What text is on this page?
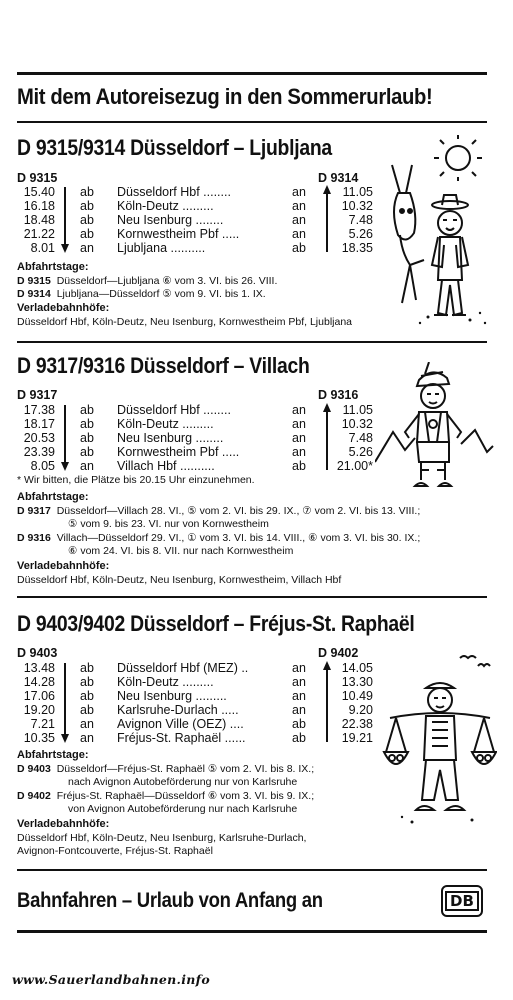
Mit dem Autoreisezug in den Sommerurlaub!
D 9315/9314 Düsseldorf – Ljubljana
D 9315	D 9314
15.40 ab Düsseldorf Hbf ........	an	11.05
16.18 ab Köln-Deutz .........	an	10.32
18.48 ab Neu Isenburg ........	an	7.48
21.22 ab Kornwestheim Pbf .....	an	5.26
8.01 an Ljubljana ..........	ab	18.35
Abfahrtstage:
D 9315 Düsseldorf—Ljubljana ⑥ vom 3. VI. bis 26. VIII.
D 9314 Ljubljana—Düsseldorf ⑤ vom 9. VI. bis 1. IX.
Verladebahnhöfe:
Düsseldorf Hbf, Köln-Deutz, Neu Isenburg, Kornwestheim Pbf, Ljubljana
D 9317/9316 Düsseldorf – Villach
D 9317	D 9316
17.38 ab Düsseldorf Hbf ........	an	11.05
18.17 ab Köln-Deutz .........	an	10.32
20.53 ab Neu Isenburg ........	an	7.48
23.39 ab Kornwestheim Pbf .....	an	5.26
8.05 an Villach Hbf ..........	ab	21.00*
* Wir bitten, die Plätze bis 20.15 Uhr einzunehmen.
Abfahrtstage:
D 9317 Düsseldorf—Villach 28. VI., ⑤ vom 2. VI. bis 29. IX., ⑦ vom 2. VI. bis 13. VIII.;
⑤ vom 9. bis 23. VI. nur von Kornwestheim
D 9316 Villach—Düsseldorf 29. VI., ① vom 3. VI. bis 14. VIII., ⑥ vom 3. VI. bis 30. IX.;
⑥ vom 24. VI. bis 8. VII. nur nach Kornwestheim
Verladebahnhöfe:
Düsseldorf Hbf, Köln-Deutz, Neu Isenburg, Kornwestheim, Villach Hbf
D 9403/9402 Düsseldorf – Fréjus-St. Raphaël
D 9403	D 9402
13.48 ab Düsseldorf Hbf (MEZ) ..	an	14.05
14.28 ab Köln-Deutz .........	an	13.30
17.06 ab Neu Isenburg .........	an	10.49
19.20 ab Karlsruhe-Durlach .....	an	9.20
7.21 an Avignon Ville (OEZ) ....	ab	22.38
10.35 an Fréjus-St. Raphaël ......	ab	19.21
Abfahrtstage:
D 9403 Düsseldorf—Fréjus-St. Raphaël ⑤ vom 2. VI. bis 8. IX.;
nach Avignon Autobeförderung nur von Karlsruhe
D 9402 Fréjus-St. Raphaël—Düsseldorf ⑥ vom 3. VI. bis 9. IX.;
von Avignon Autobeförderung nur nach Karlsruhe
Verladebahnhöfe:
Düsseldorf Hbf, Köln-Deutz, Neu Isenburg, Karlsruhe-Durlach,
Avignon-Fontcouverte, Fréjus-St. Raphaël
Bahnfahren – Urlaub von Anfang an	DB
www.Sauerlandbahnen.info
